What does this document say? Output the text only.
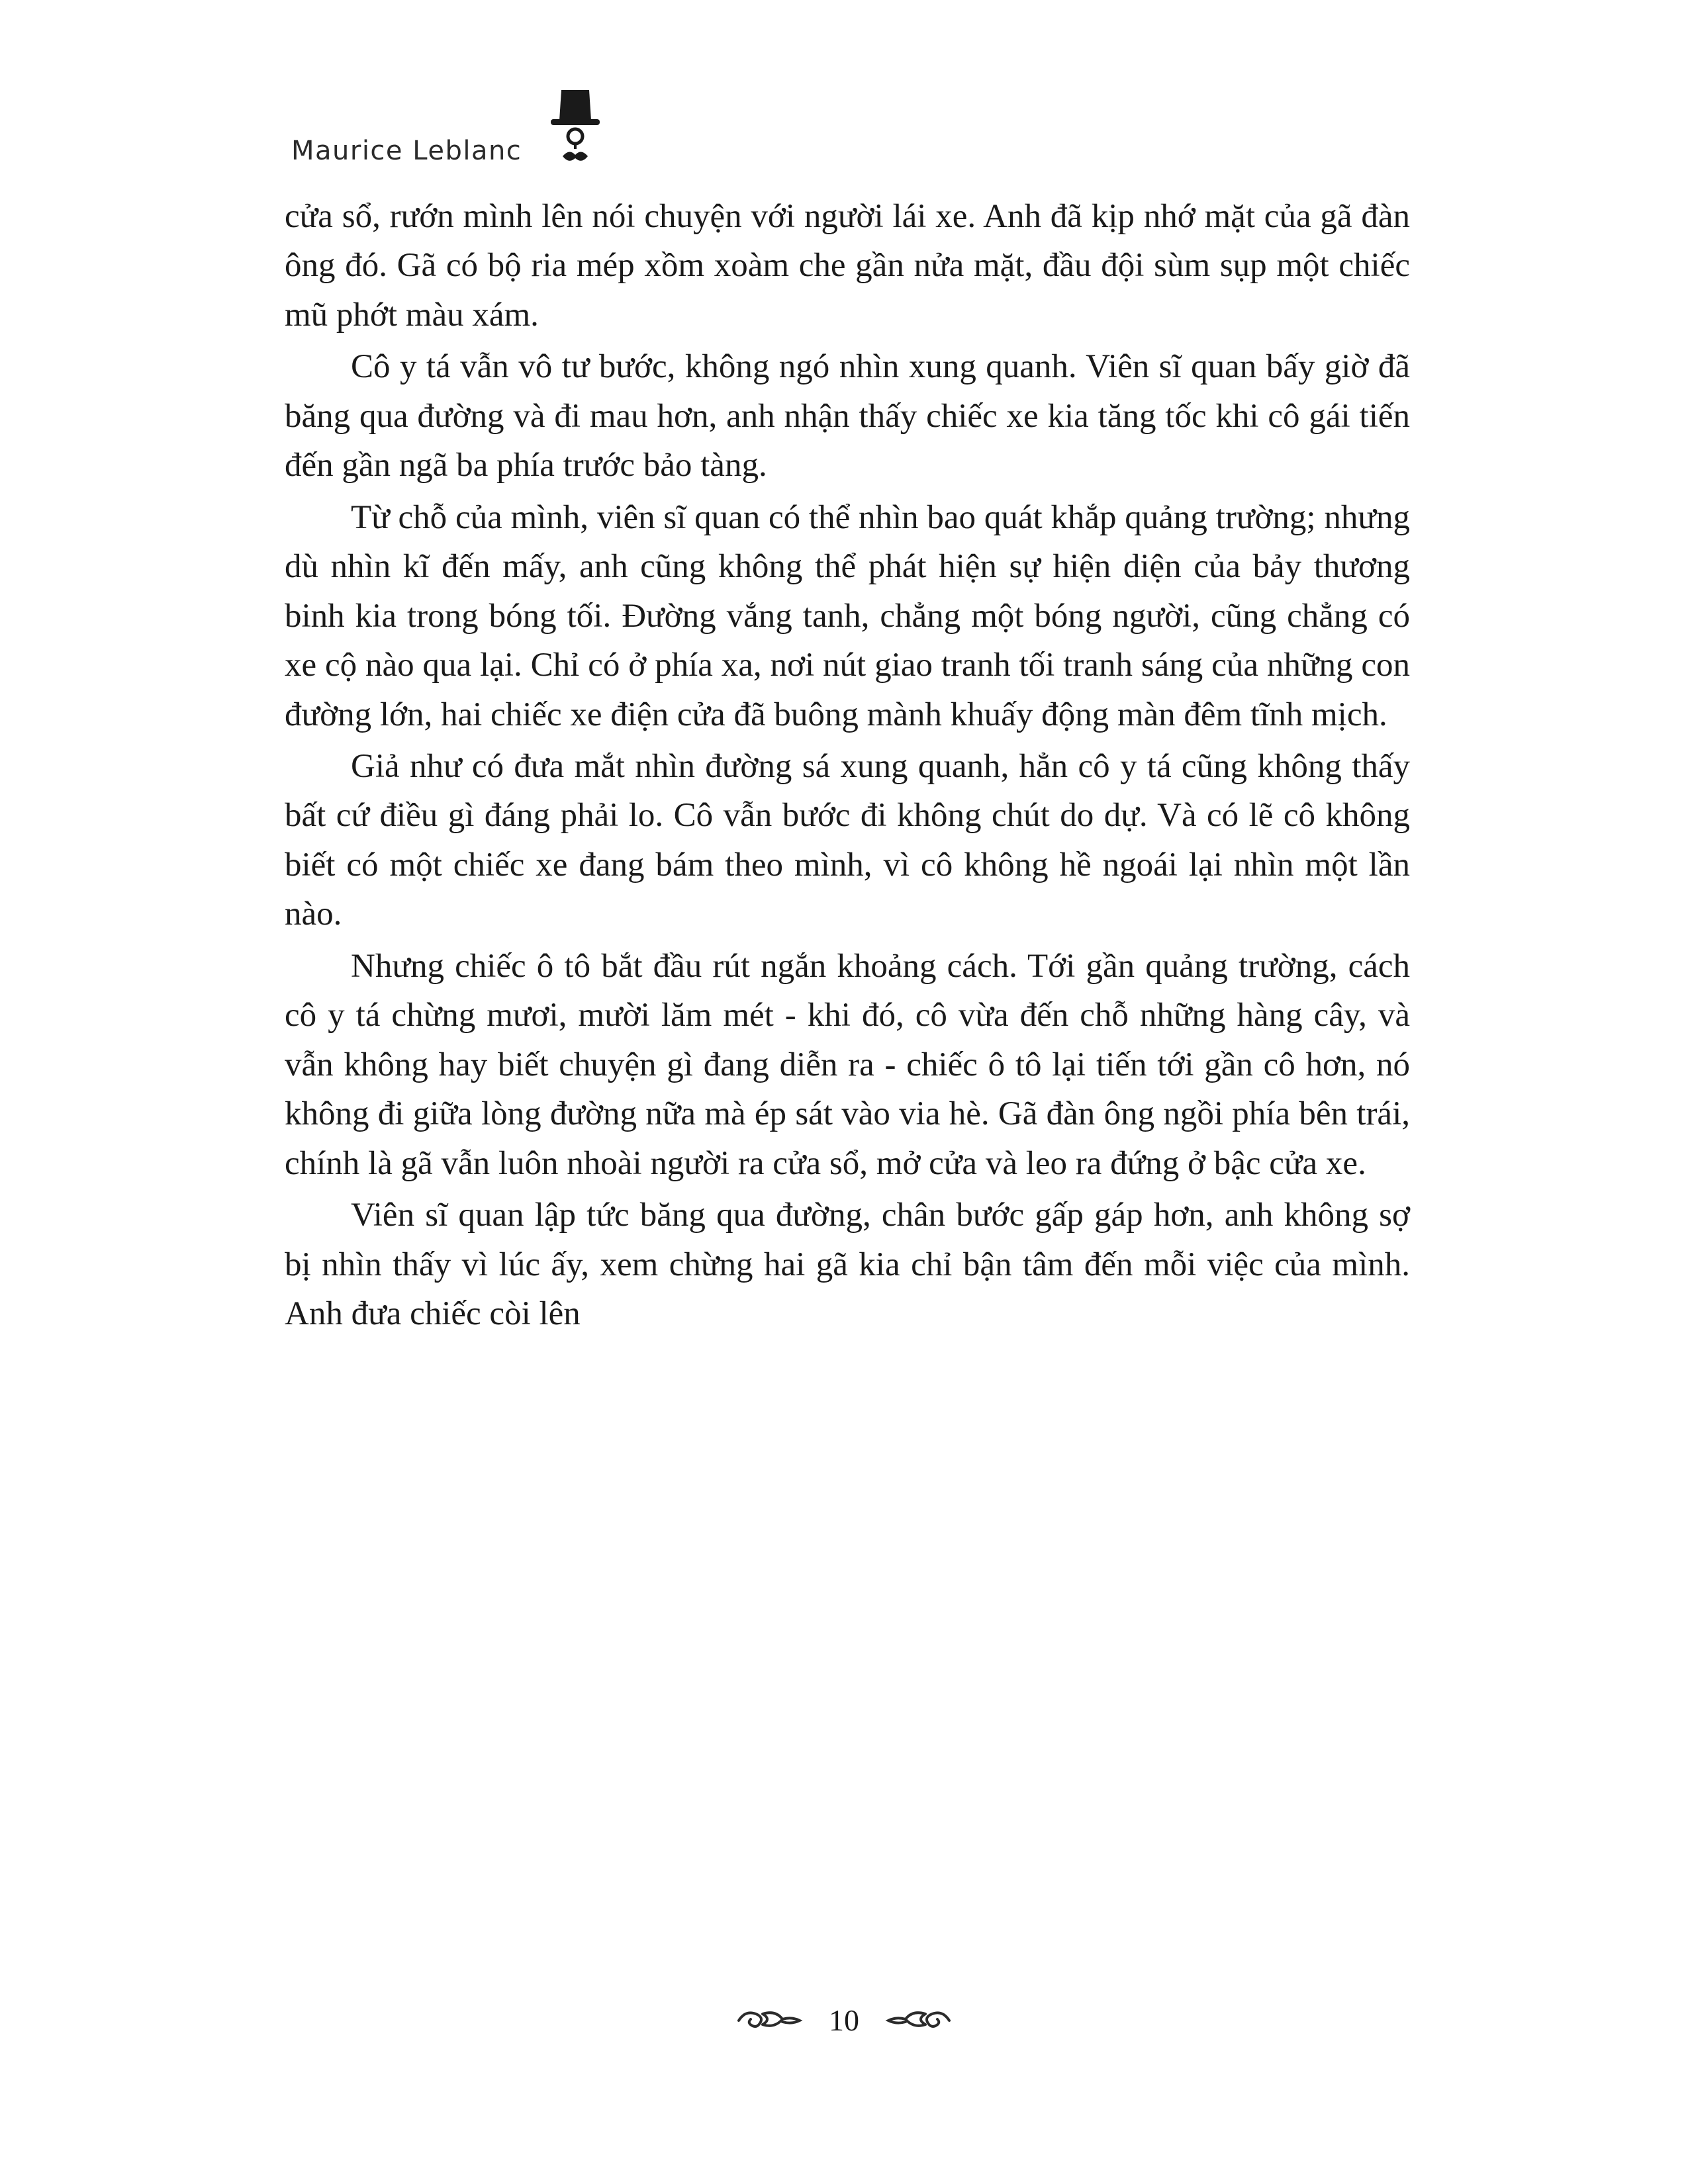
Maurice Leblanc

cửa sổ, rướn mình lên nói chuyện với người lái xe. Anh đã kịp nhớ mặt của gã đàn ông đó. Gã có bộ ria mép xồm xoàm che gần nửa mặt, đầu đội sùm sụp một chiếc mũ phớt màu xám.

Cô y tá vẫn vô tư bước, không ngó nhìn xung quanh. Viên sĩ quan bấy giờ đã băng qua đường và đi mau hơn, anh nhận thấy chiếc xe kia tăng tốc khi cô gái tiến đến gần ngã ba phía trước bảo tàng.

Từ chỗ của mình, viên sĩ quan có thể nhìn bao quát khắp quảng trường; nhưng dù nhìn kĩ đến mấy, anh cũng không thể phát hiện sự hiện diện của bảy thương binh kia trong bóng tối. Đường vắng tanh, chẳng một bóng người, cũng chẳng có xe cộ nào qua lại. Chỉ có ở phía xa, nơi nút giao tranh tối tranh sáng của những con đường lớn, hai chiếc xe điện cửa đã buông mành khuấy động màn đêm tĩnh mịch.

Giả như có đưa mắt nhìn đường sá xung quanh, hẳn cô y tá cũng không thấy bất cứ điều gì đáng phải lo. Cô vẫn bước đi không chút do dự. Và có lẽ cô không biết có một chiếc xe đang bám theo mình, vì cô không hề ngoái lại nhìn một lần nào.

Nhưng chiếc ô tô bắt đầu rút ngắn khoảng cách. Tới gần quảng trường, cách cô y tá chừng mươi, mười lăm mét - khi đó, cô vừa đến chỗ những hàng cây, và vẫn không hay biết chuyện gì đang diễn ra - chiếc ô tô lại tiến tới gần cô hơn, nó không đi giữa lòng đường nữa mà ép sát vào via hè. Gã đàn ông ngồi phía bên trái, chính là gã vẫn luôn nhoài người ra cửa sổ, mở cửa và leo ra đứng ở bậc cửa xe.

Viên sĩ quan lập tức băng qua đường, chân bước gấp gáp hơn, anh không sợ bị nhìn thấy vì lúc ấy, xem chừng hai gã kia chỉ bận tâm đến mỗi việc của mình. Anh đưa chiếc còi lên

10
